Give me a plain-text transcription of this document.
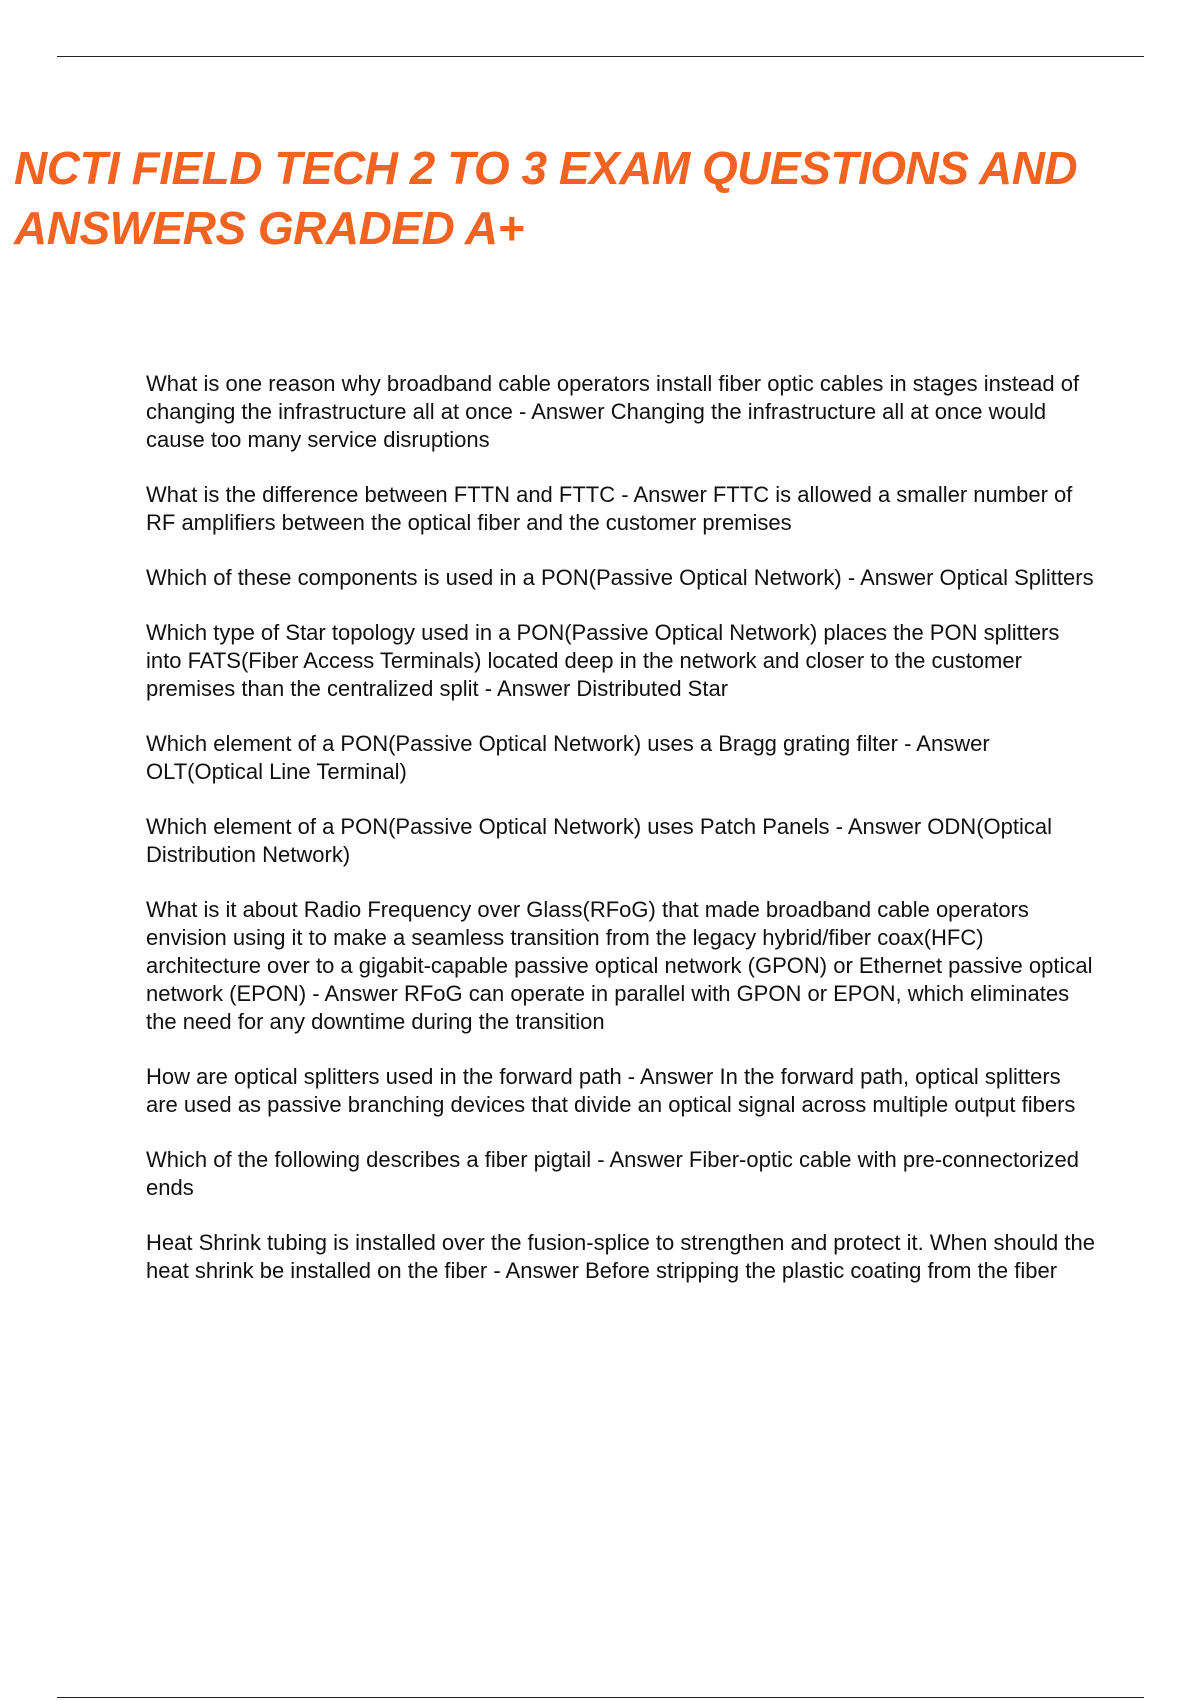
NCTI FIELD TECH 2 TO 3 EXAM QUESTIONS AND
ANSWERS GRADED A+
What is one reason why broadband cable operators install fiber optic cables in stages instead of changing the infrastructure all at once - Answer Changing the infrastructure all at once would cause too many service disruptions
What is the difference between FTTN and FTTC - Answer FTTC is allowed a smaller number of RF amplifiers between the optical fiber and the customer premises
Which of these components is used in a PON(Passive Optical Network) - Answer Optical Splitters
Which type of Star topology used in a PON(Passive Optical Network) places the PON splitters into FATS(Fiber Access Terminals) located deep in the network and closer to the customer premises than the centralized split - Answer Distributed Star
Which element of a PON(Passive Optical Network) uses a Bragg grating filter - Answer OLT(Optical Line Terminal)
Which element of a PON(Passive Optical Network) uses Patch Panels - Answer ODN(Optical Distribution Network)
What is it about Radio Frequency over Glass(RFoG) that made broadband cable operators envision using it to make a seamless transition from the legacy hybrid/fiber coax(HFC) architecture over to a gigabit-capable passive optical network (GPON) or Ethernet passive optical network (EPON) - Answer RFoG can operate in parallel with GPON or EPON, which eliminates the need for any downtime during the transition
How are optical splitters used in the forward path - Answer In the forward path, optical splitters are used as passive branching devices that divide an optical signal across multiple output fibers
Which of the following describes a fiber pigtail - Answer Fiber-optic cable with pre-connectorized ends
Heat Shrink tubing is installed over the fusion-splice to strengthen and protect it. When should the heat shrink be installed on the fiber - Answer Before stripping the plastic coating from the fiber
